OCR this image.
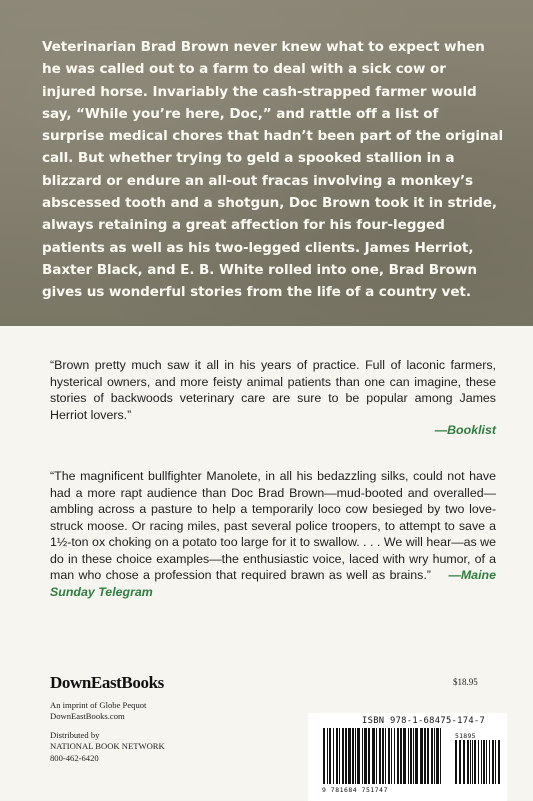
Veterinarian Brad Brown never knew what to expect when he was called out to a farm to deal with a sick cow or injured horse. Invariably the cash-strapped farmer would say, “While you’re here, Doc,” and rattle off a list of surprise medical chores that hadn’t been part of the original call. But whether trying to geld a spooked stallion in a blizzard or endure an all-out fracas involving a monkey’s abscessed tooth and a shotgun, Doc Brown took it in stride, always retaining a great affection for his four-legged patients as well as his two-legged clients. James Herriot, Baxter Black, and E. B. White rolled into one, Brad Brown gives us wonderful stories from the life of a country vet.

“Brown pretty much saw it all in his years of practice. Full of laconic farmers, hysterical owners, and more feisty animal patients than one can imagine, these stories of backwoods veterinary care are sure to be popular among James Herriot lovers.”

—Booklist

“The magnificent bullfighter Manolete, in all his bedazzling silks, could not have had a more rapt audience than Doc Brad Brown—mud-booted and overalled—ambling across a pasture to help a temporarily loco cow besieged by two love-struck moose. Or racing miles, past several police troopers, to attempt to save a 1½-ton ox choking on a potato too large for it to swallow. . . . We will hear—as we do in these choice examples—the enthusiastic voice, laced with wry humor, of a man who chose a profession that required brawn as well as brains.” —Maine Sunday Telegram

DownEastBooks
An imprint of Globe Pequot
DownEastBooks.com
Distributed by
NATIONAL BOOK NETWORK
800-462-6420
$18.95
ISBN 978-1-68475-174-7
9 781684 751747
51895
